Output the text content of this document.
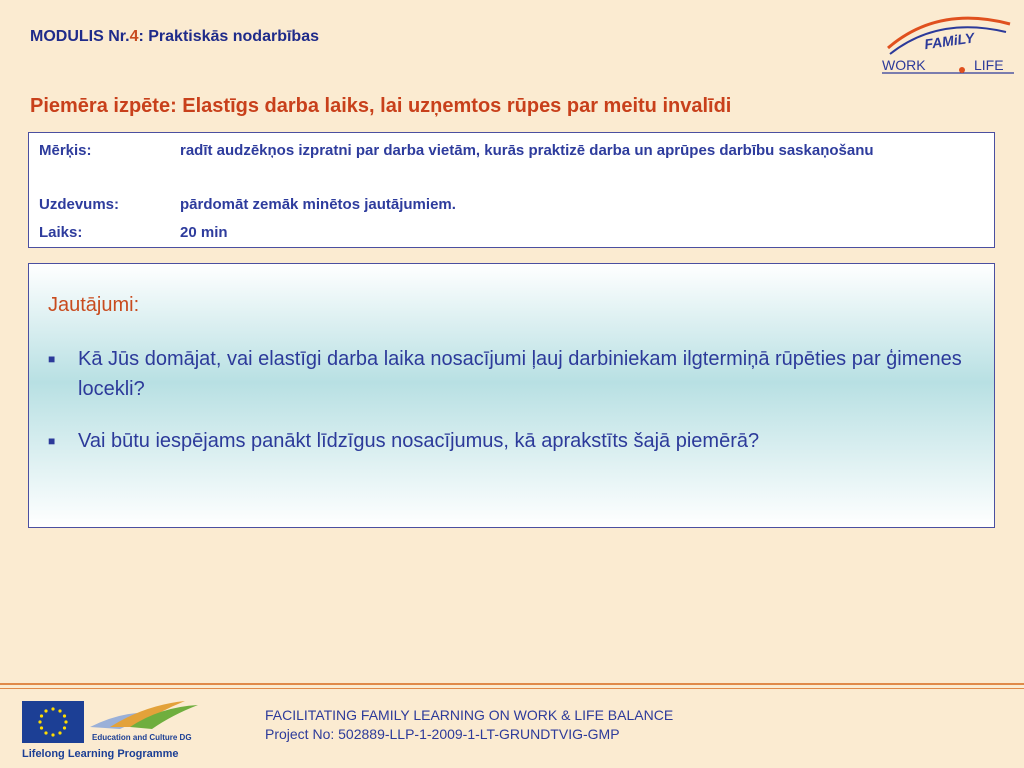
MODULIS Nr.4: Praktiskās nodarbības	FAMiLY
WORK	LIFE
Piemēra izpēte: Elastīgs darba laiks, lai uzņemtos rūpes par meitu invalīdi
Mērķis:	radīt audzēkņos izpratni par darba vietām, kurās praktizē darba un aprūpes darbību saskaņošanu
Uzdevums:	pārdomāt zemāk minētos jautājumiem.
Laiks:	20 min
Jautājumi:
■	Kā Jūs domājat, vai elastīgi darba laika nosacījumi ļauj darbiniekam ilgtermiņā rūpēties par ģimenes locekli?
■	Vai būtu iespējams panākt līdzīgus nosacījumus, kā aprakstīts šajā piemērā?
Education and Culture DG
Lifelong Learning Programme
FACILITATING FAMILY LEARNING ON WORK & LIFE BALANCE
Project No: 502889-LLP-1-2009-1-LT-GRUNDTVIG-GMP
